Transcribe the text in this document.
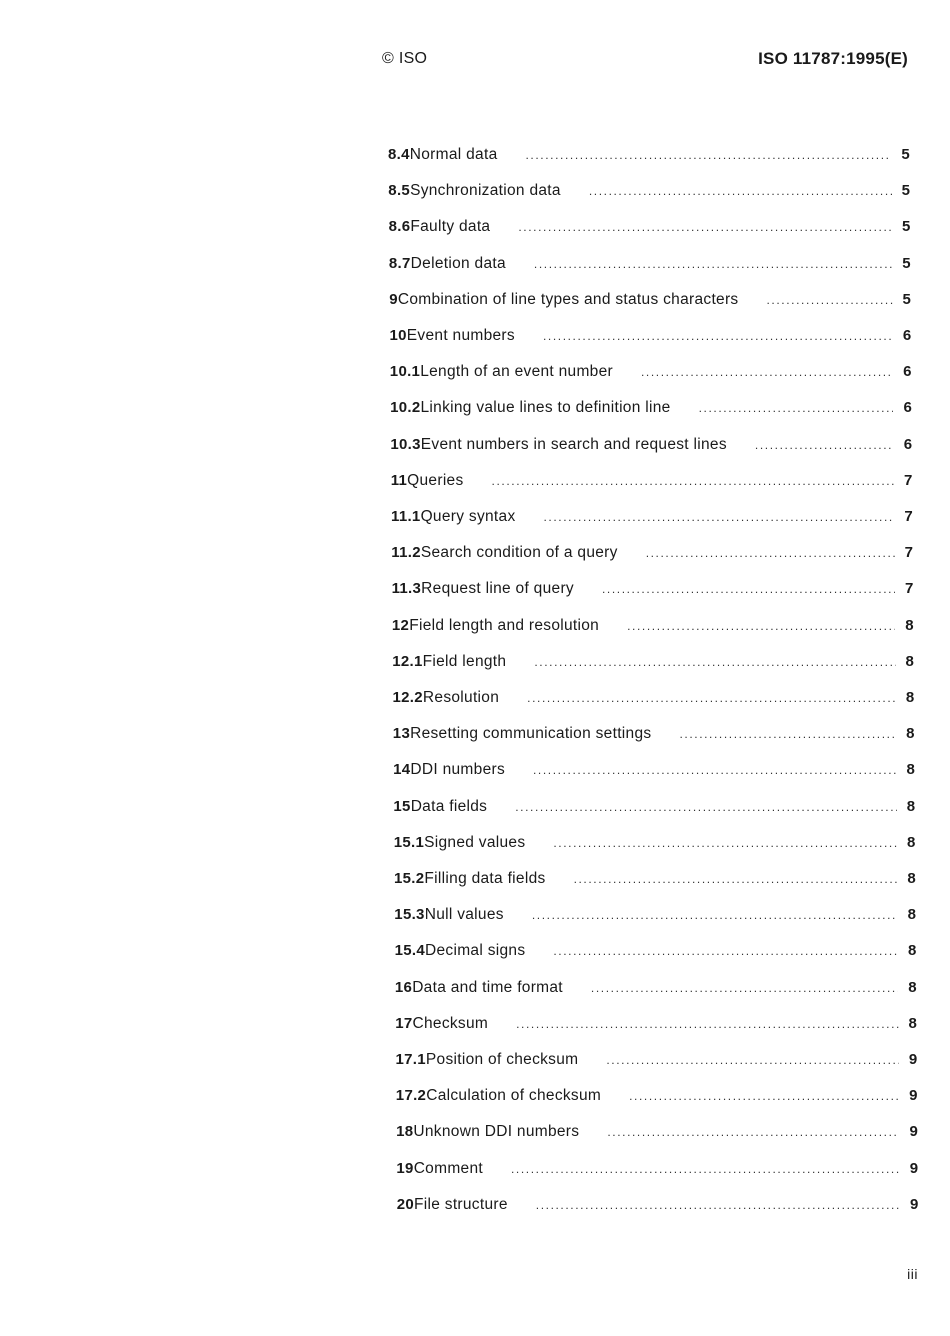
© ISO	ISO 11787:1995(E)
8.4 Normal data .....	5
8.5 Synchronization data .....	5
8.6 Faulty data .....	5
8.7 Deletion data .....	5
9 Combination of line types and status characters .....	5
10 Event numbers .....	6
10.1 Length of an event number .....	6
10.2 Linking value lines to definition line .....	6
10.3 Event numbers in search and request lines .....	6
11 Queries .....	7
11.1 Query syntax .....	7
11.2 Search condition of a query .....	7
11.3 Request line of query .....	7
12 Field length and resolution .....	8
12.1 Field length .....	8
12.2 Resolution .....	8
13 Resetting communication settings .....	8
14 DDI numbers .....	8
15 Data fields .....	8
15.1 Signed values .....	8
15.2 Filling data fields .....	8
15.3 Null values .....	8
15.4 Decimal signs .....	8
16 Data and time format .....	8
17 Checksum .....	8
17.1 Position of checksum .....	9
17.2 Calculation of checksum .....	9
18 Unknown DDI numbers .....	9
19 Comment .....	9
20 File structure .....	9
iii
